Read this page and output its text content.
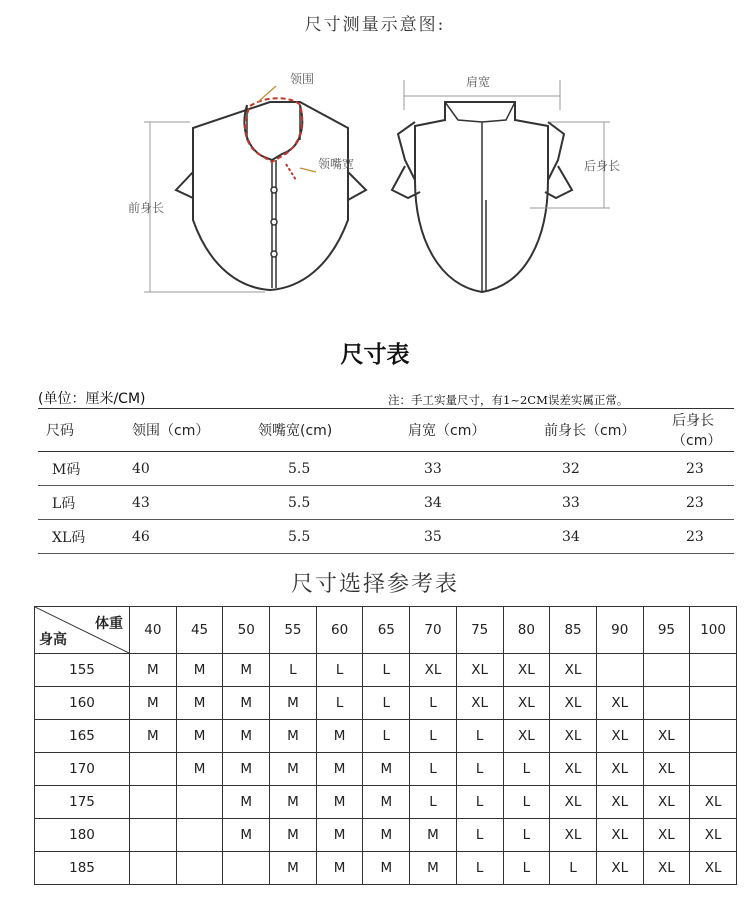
尺寸测量示意图:
领围
领嘴宽
前身长
肩宽
后身长
尺寸表
(单位：厘米/CM)	注：手工实量尺寸，有1~2CM误差实属正常。
尺码	领围（cm）	领嘴宽(cm)	肩宽（cm）	前身长（cm）	后身长（cm）
M码	40	5.5	33	32	23
L码	43	5.5	34	33	23
XL码	46	5.5	35	34	23
尺寸选择参考表
体重
身高	40	45	50	55	60	65	70	75	80	85	90	95	100
155	M	M	M	L	L	L	XL	XL	XL	XL			
160	M	M	M	M	L	L	L	XL	XL	XL	XL		
165	M	M	M	M	M	L	L	L	XL	XL	XL	XL	
170		M	M	M	M	M	L	L	L	XL	XL	XL	
175			M	M	M	M	L	L	L	XL	XL	XL	XL
180			M	M	M	M	M	L	L	XL	XL	XL	XL
185				M	M	M	M	L	L	L	XL	XL	XL
